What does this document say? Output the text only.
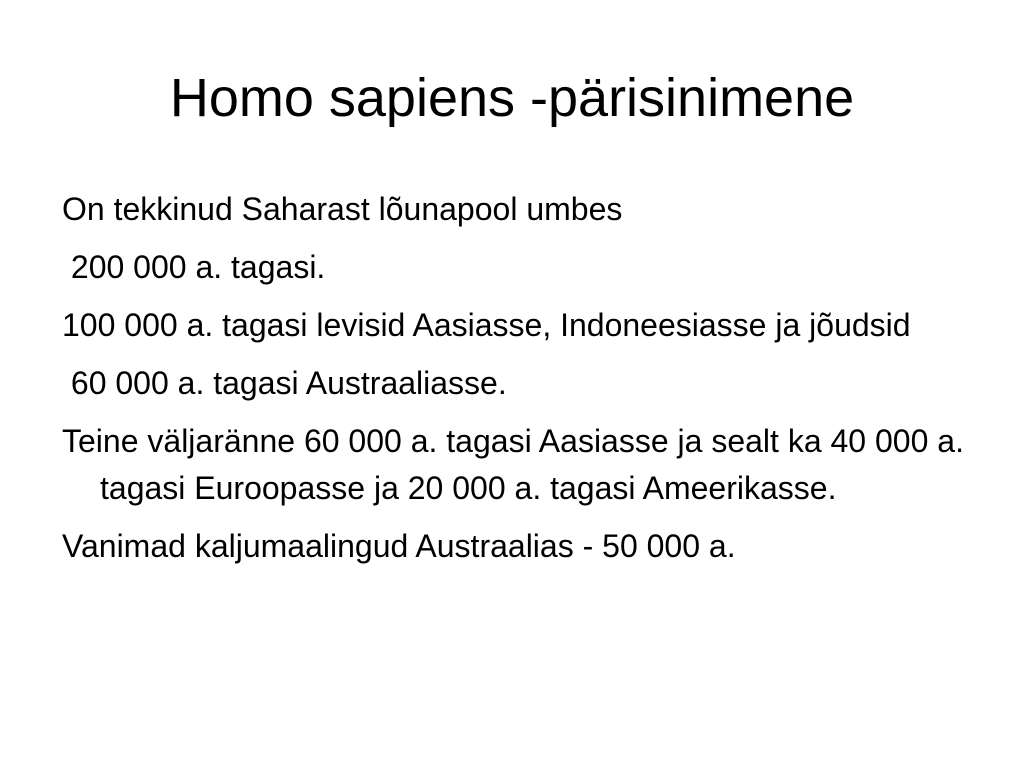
Homo sapiens -pärisinimene
On tekkinud Saharast lõunapool umbes
200 000 a. tagasi.
100 000 a. tagasi levisid Aasiasse, Indoneesiasse ja jõudsid
60 000 a. tagasi Austraaliasse.
Teine väljaränne 60 000 a. tagasi Aasiasse ja sealt ka 40 000 a. tagasi Euroopasse ja 20 000 a. tagasi Ameerikasse.
Vanimad kaljumaalingud Austraalias - 50 000 a.
